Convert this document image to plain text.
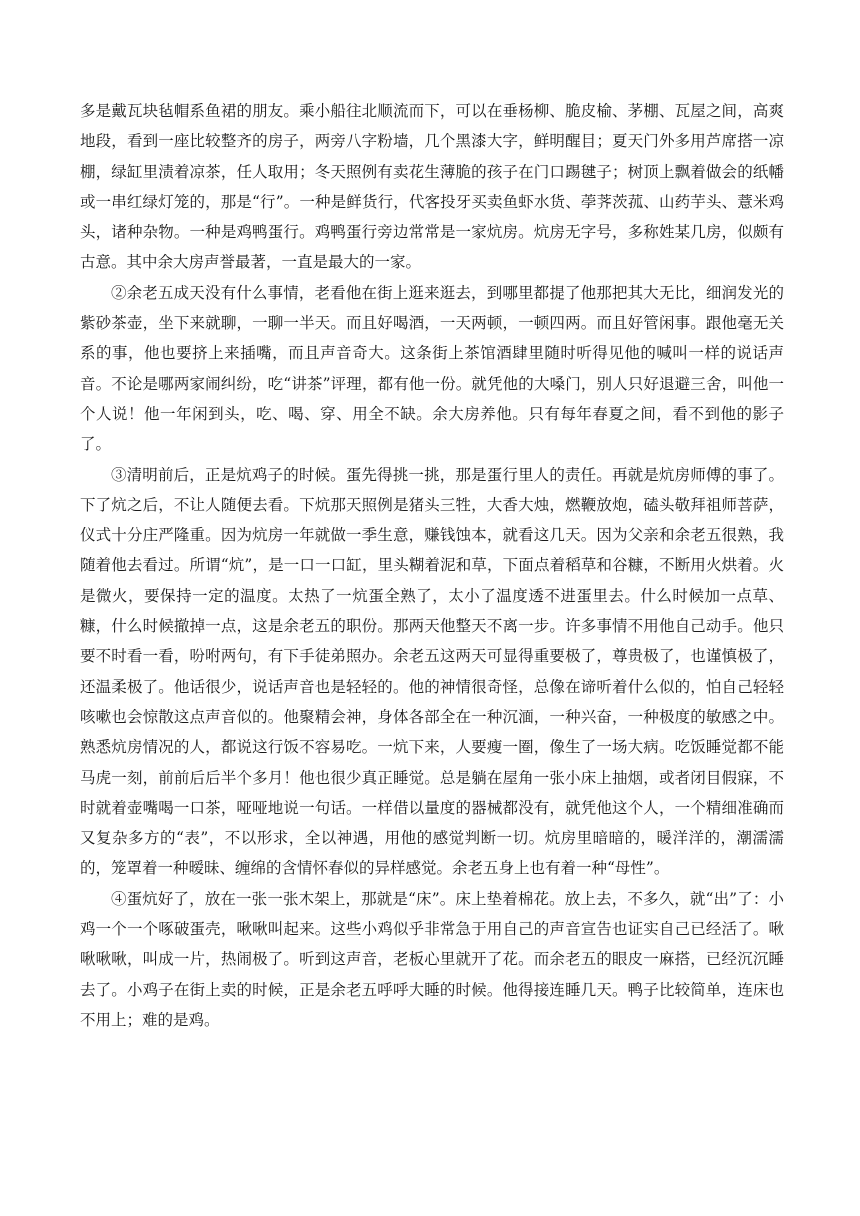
多是戴瓦块毡帽系鱼裙的朋友。乘小船往北顺流而下，可以在垂杨柳、脆皮榆、茅棚、瓦屋之间，高爽地段，看到一座比较整齐的房子，两旁八字粉墙，几个黑漆大字，鲜明醒目；夏天门外多用芦席搭一凉棚，绿缸里渍着凉茶，任人取用；冬天照例有卖花生薄脆的孩子在门口踢毽子；树顶上飘着做会的纸幡或一串红绿灯笼的，那是“行”。一种是鲜货行，代客投牙买卖鱼虾水货、荸荠茨菰、山药芋头、薏米鸡头，诸种杂物。一种是鸡鸭蛋行。鸡鸭蛋行旁边常常是一家炕房。炕房无字号，多称姓某几房，似颇有古意。其中余大房声誉最著，一直是最大的一家。

②余老五成天没有什么事情，老看他在街上逛来逛去，到哪里都提了他那把其大无比，细润发光的紫砂茶壶，坐下来就聊，一聊一半天。而且好喝酒，一天两顿，一顿四两。而且好管闲事。跟他毫无关系的事，他也要挤上来插嘴，而且声音奇大。这条街上茶馆酒肆里随时听得见他的喊叫一样的说话声音。不论是哪两家闹纠纷，吃“讲茶”评理，都有他一份。就凭他的大嗓门，别人只好退避三舍，叫他一个人说！他一年闲到头，吃、喝、穿、用全不缺。余大房养他。只有每年春夏之间，看不到他的影子了。

③清明前后，正是炕鸡子的时候。蛋先得挑一挑，那是蛋行里人的责任。再就是炕房师傅的事了。下了炕之后，不让人随便去看。下炕那天照例是猪头三牲，大香大烛，燃鞭放炮，磕头敬拜祖师菩萨，仪式十分庄严隆重。因为炕房一年就做一季生意，赚钱蚀本，就看这几天。因为父亲和余老五很熟，我随着他去看过。所谓“炕”，是一口一口缸，里头糊着泥和草，下面点着稻草和谷糠，不断用火烘着。火是微火，要保持一定的温度。太热了一炕蛋全熟了，太小了温度透不进蛋里去。什么时候加一点草、糠，什么时候撤掉一点，这是余老五的职份。那两天他整天不离一步。许多事情不用他自己动手。他只要不时看一看，吩咐两句，有下手徒弟照办。余老五这两天可显得重要极了，尊贵极了，也谨慎极了，还温柔极了。他话很少，说话声音也是轻轻的。他的神情很奇怪，总像在谛听着什么似的，怕自己轻轻咳嗽也会惊散这点声音似的。他聚精会神，身体各部全在一种沉湎，一种兴奋，一种极度的敏感之中。熟悉炕房情况的人，都说这行饭不容易吃。一炕下来，人要瘦一圈，像生了一场大病。吃饭睡觉都不能马虎一刻，前前后后半个多月！他也很少真正睡觉。总是躺在屋角一张小床上抽烟，或者闭目假寐，不时就着壶嘴喝一口茶，哑哑地说一句话。一样借以量度的器械都没有，就凭他这个人，一个精细准确而又复杂多方的“表”，不以形求，全以神遇，用他的感觉判断一切。炕房里暗暗的，暖洋洋的，潮濡濡的，笼罩着一种暧昧、缠绵的含情怀春似的异样感觉。余老五身上也有着一种“母性”。

④蛋炕好了，放在一张一张木架上，那就是“床”。床上垫着棉花。放上去，不多久，就“出”了：小鸡一个一个啄破蛋壳，啾啾叫起来。这些小鸡似乎非常急于用自己的声音宣告也证实自己已经活了。啾啾啾啾，叫成一片，热闹极了。听到这声音，老板心里就开了花。而余老五的眼皮一麻搭，已经沉沉睡去了。小鸡子在街上卖的时候，正是余老五呼呼大睡的时候。他得接连睡几天。鸭子比较简单，连床也不用上；难的是鸡。
